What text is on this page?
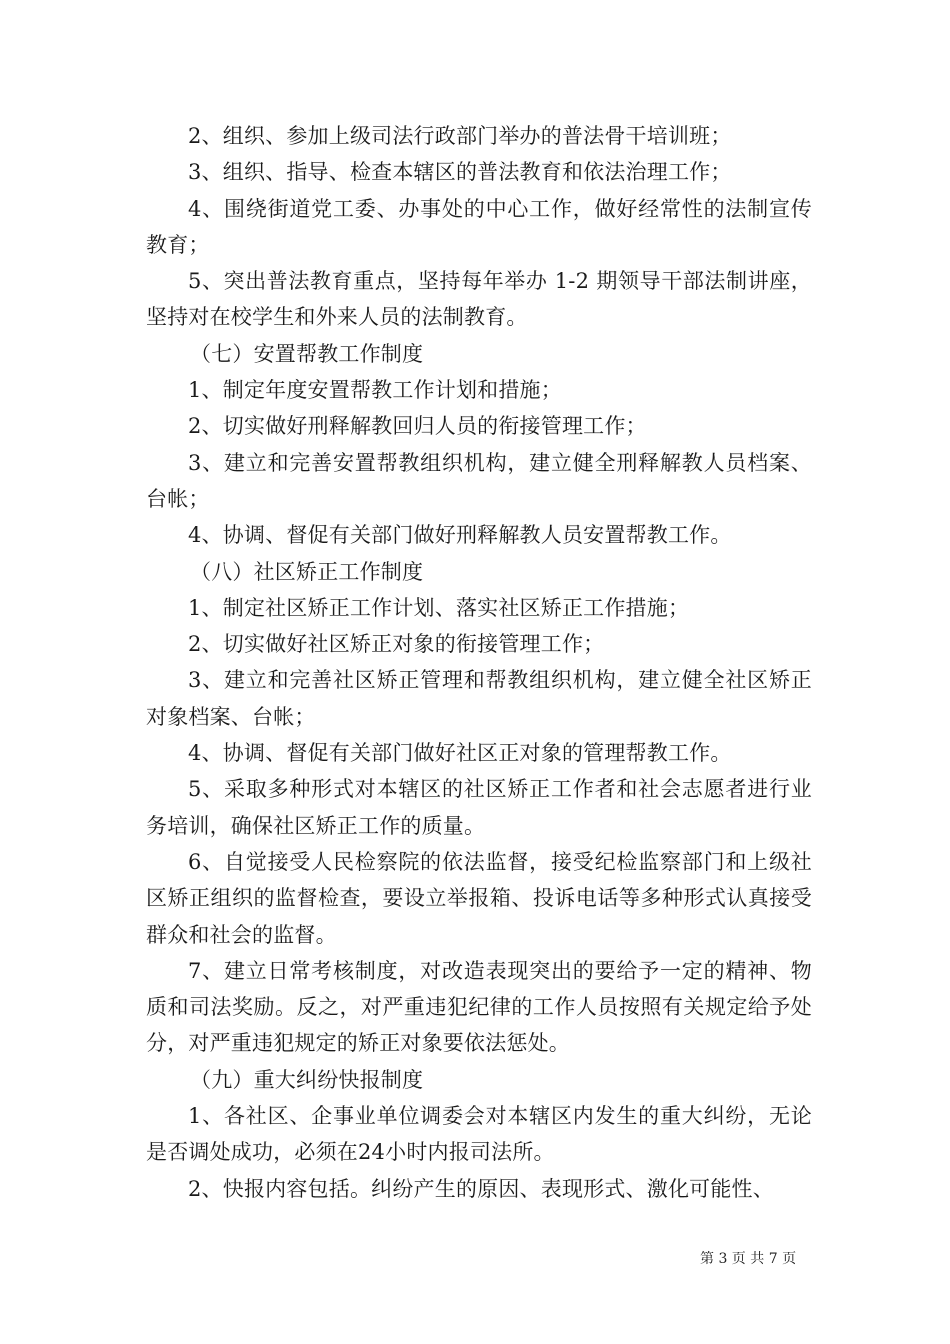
2、组织、参加上级司法行政部门举办的普法骨干培训班；

3、组织、指导、检查本辖区的普法教育和依法治理工作；

4、围绕街道党工委、办事处的中心工作，做好经常性的法制宣传教育；

5、突出普法教育重点，坚持每年举办 1-2 期领导干部法制讲座，坚持对在校学生和外来人员的法制教育。

（七）安置帮教工作制度

1、制定年度安置帮教工作计划和措施；

2、切实做好刑释解教回归人员的衔接管理工作；

3、建立和完善安置帮教组织机构，建立健全刑释解教人员档案、台帐；

4、协调、督促有关部门做好刑释解教人员安置帮教工作。

（八）社区矫正工作制度

1、制定社区矫正工作计划、落实社区矫正工作措施；

2、切实做好社区矫正对象的衔接管理工作；

3、建立和完善社区矫正管理和帮教组织机构，建立健全社区矫正对象档案、台帐；

4、协调、督促有关部门做好社区正对象的管理帮教工作。

5、采取多种形式对本辖区的社区矫正工作者和社会志愿者进行业务培训，确保社区矫正工作的质量。

6、自觉接受人民检察院的依法监督，接受纪检监察部门和上级社区矫正组织的监督检查，要设立举报箱、投诉电话等多种形式认真接受群众和社会的监督。

7、建立日常考核制度，对改造表现突出的要给予一定的精神、物质和司法奖励。反之，对严重违犯纪律的工作人员按照有关规定给予处分，对严重违犯规定的矫正对象要依法惩处。

（九）重大纠纷快报制度

1、各社区、企事业单位调委会对本辖区内发生的重大纠纷，无论是否调处成功，必须在24小时内报司法所。

2、快报内容包括。纠纷产生的原因、表现形式、激化可能性、

第 3 页 共 7 页
